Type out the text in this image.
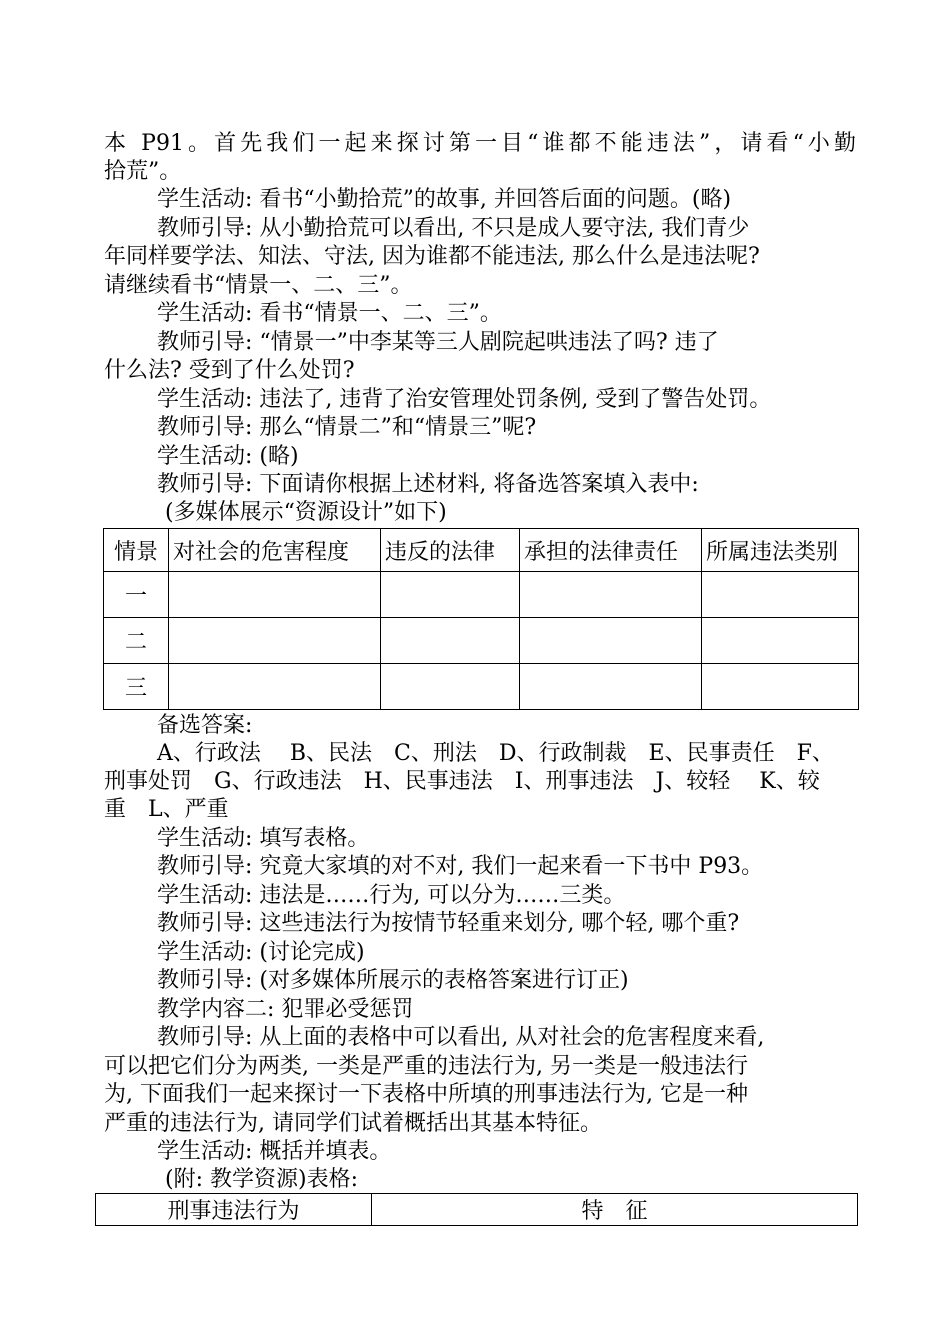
本 P91。首先我们一起来探讨第一目“谁都不能违法”，请看“小勤
拾荒”。
学生活动: 看书“小勤拾荒”的故事, 并回答后面的问题。(略)
教师引导: 从小勤拾荒可以看出, 不只是成人要守法, 我们青少
年同样要学法、知法、守法, 因为谁都不能违法, 那么什么是违法呢?
请继续看书“情景一、二、三”。
学生活动: 看书“情景一、二、三”。
教师引导: “情景一”中李某等三人剧院起哄违法了吗? 违了
什么法? 受到了什么处罚?
学生活动: 违法了, 违背了治安管理处罚条例, 受到了警告处罚。
教师引导: 那么“情景二”和“情景三”呢?
学生活动: (略)
教师引导: 下面请你根据上述材料, 将备选答案填入表中:
(多媒体展示“资源设计”如下)
情景	对社会的危害程度	违反的法律	承担的法律责任	所属违法类别
一				
二				
三				
备选答案:
A、行政法　 B、民法　C、刑法　D、行政制裁　E、民事责任　F、
刑事处罚　G、行政违法　H、民事违法　I、刑事违法　J、较轻　 K、较
重　L、严重
学生活动: 填写表格。
教师引导: 究竟大家填的对不对, 我们一起来看一下书中 P93。
学生活动: 违法是……行为, 可以分为……三类。
教师引导: 这些违法行为按情节轻重来划分, 哪个轻, 哪个重?
学生活动: (讨论完成)
教师引导: (对多媒体所展示的表格答案进行订正)
教学内容二: 犯罪必受惩罚
教师引导: 从上面的表格中可以看出, 从对社会的危害程度来看,
可以把它们分为两类, 一类是严重的违法行为, 另一类是一般违法行
为, 下面我们一起来探讨一下表格中所填的刑事违法行为, 它是一种
严重的违法行为, 请同学们试着概括出其基本特征。
学生活动: 概括并填表。
(附: 教学资源)表格:
刑事违法行为	特　征
